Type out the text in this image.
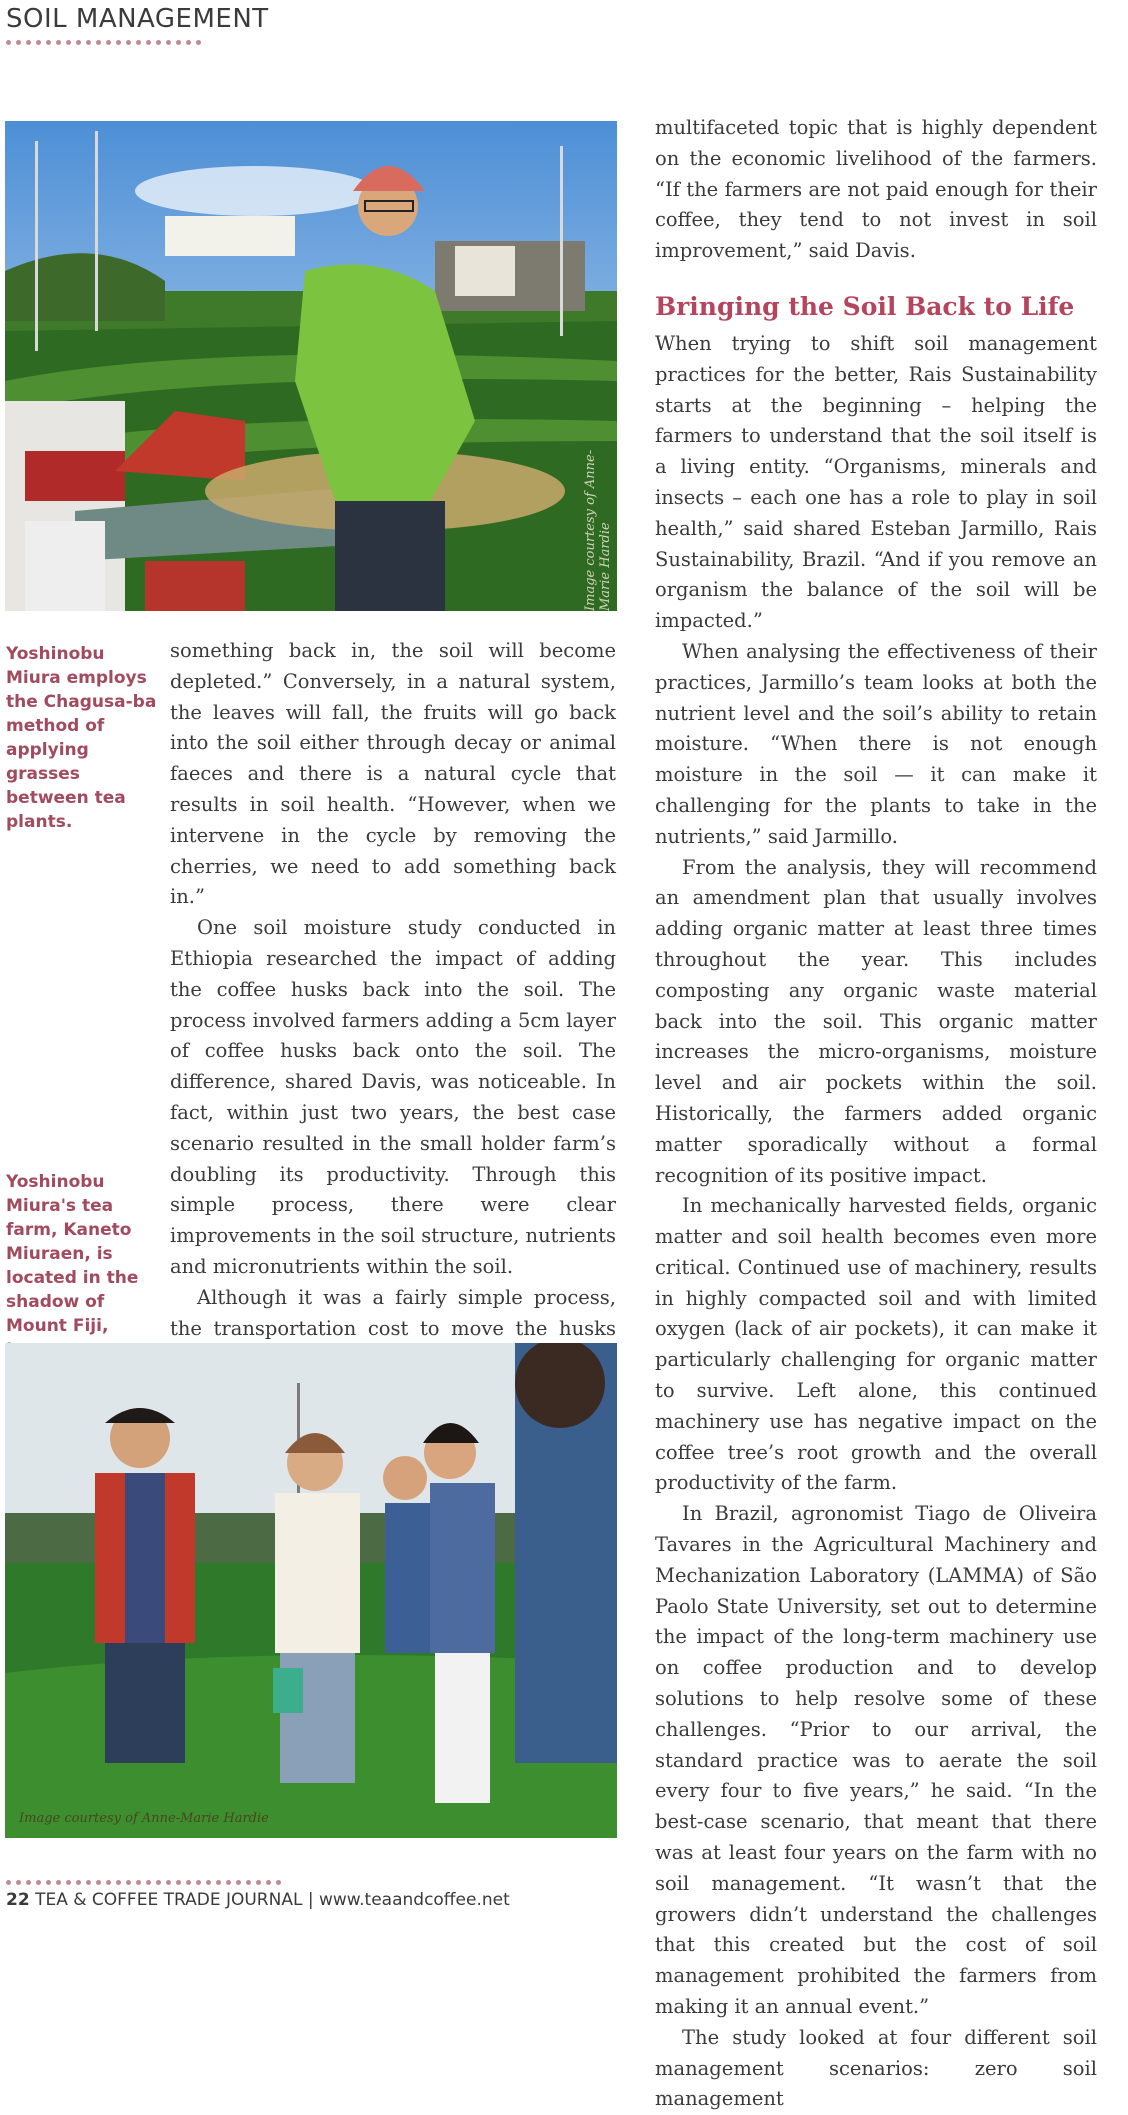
SOIL MANAGEMENT
Image courtesy of Anne-Marie Hardie

Yoshinobu Miura employs the Chagusa-ba method of applying grasses between tea plants.

Yoshinobu Miura's tea farm, Kaneto Miuraen, is located in the shadow of Mount Fiji,

something back in, the soil will become depleted.” Conversely, in a natural system, the leaves will fall, the fruits will go back into the soil either through decay or animal faeces and there is a natural cycle that results in soil health. “However, when we intervene in the cycle by removing the cherries, we need to add something back in.”

One soil moisture study conducted in Ethiopia researched the impact of adding the coffee husks back into the soil. The process involved farmers adding a 5cm layer of coffee husks back onto the soil. The difference, shared Davis, was noticeable. In fact, within just two years, the best case scenario resulted in the small holder farm’s doubling its productivity. Through this simple process, there were clear improvements in the soil structure, nutrients and micronutrients within the soil.

Although it was a fairly simple process, the transportation cost to move the husks

Image courtesy of Anne-Marie Hardie

multifaceted topic that is highly dependent on the economic livelihood of the farmers. “If the farmers are not paid enough for their coffee, they tend to not invest in soil improvement,” said Davis.

Bringing the Soil Back to Life

When trying to shift soil management practices for the better, Rais Sustainability starts at the beginning – helping the farmers to understand that the soil itself is a living entity. “Organisms, minerals and insects – each one has a role to play in soil health,” said shared Esteban Jarmillo, Rais Sustainability, Brazil. “And if you remove an organism the balance of the soil will be impacted.”

When analysing the effectiveness of their practices, Jarmillo’s team looks at both the nutrient level and the soil’s ability to retain moisture. “When there is not enough moisture in the soil — it can make it challenging for the plants to take in the nutrients,” said Jarmillo.

From the analysis, they will recommend an amendment plan that usually involves adding organic matter at least three times throughout the year. This includes composting any organic waste material back into the soil. This organic matter increases the micro-organisms, moisture level and air pockets within the soil. Historically, the farmers added organic matter sporadically without a formal recognition of its positive impact.

In mechanically harvested fields, organic matter and soil health becomes even more critical. Continued use of machinery, results in highly compacted soil and with limited oxygen (lack of air pockets), it can make it particularly challenging for organic matter to survive. Left alone, this continued machinery use has negative impact on the coffee tree’s root growth and the overall productivity of the farm.

In Brazil, agronomist Tiago de Oliveira Tavares in the Agricultural Machinery and Mechanization Laboratory (LAMMA) of São Paolo State University, set out to determine the impact of the long-term machinery use on coffee production and to develop solutions to help resolve some of these challenges. “Prior to our arrival, the standard practice was to aerate the soil every four to five years,” he said. “In the best-case scenario, that meant that there was at least four years on the farm with no soil management. “It wasn’t that the growers didn’t understand the challenges that this created but the cost of soil management prohibited the farmers from making it an annual event.”

The study looked at four different soil management scenarios: zero soil management

22 TEA & COFFEE TRADE JOURNAL | www.teaandcoffee.net
